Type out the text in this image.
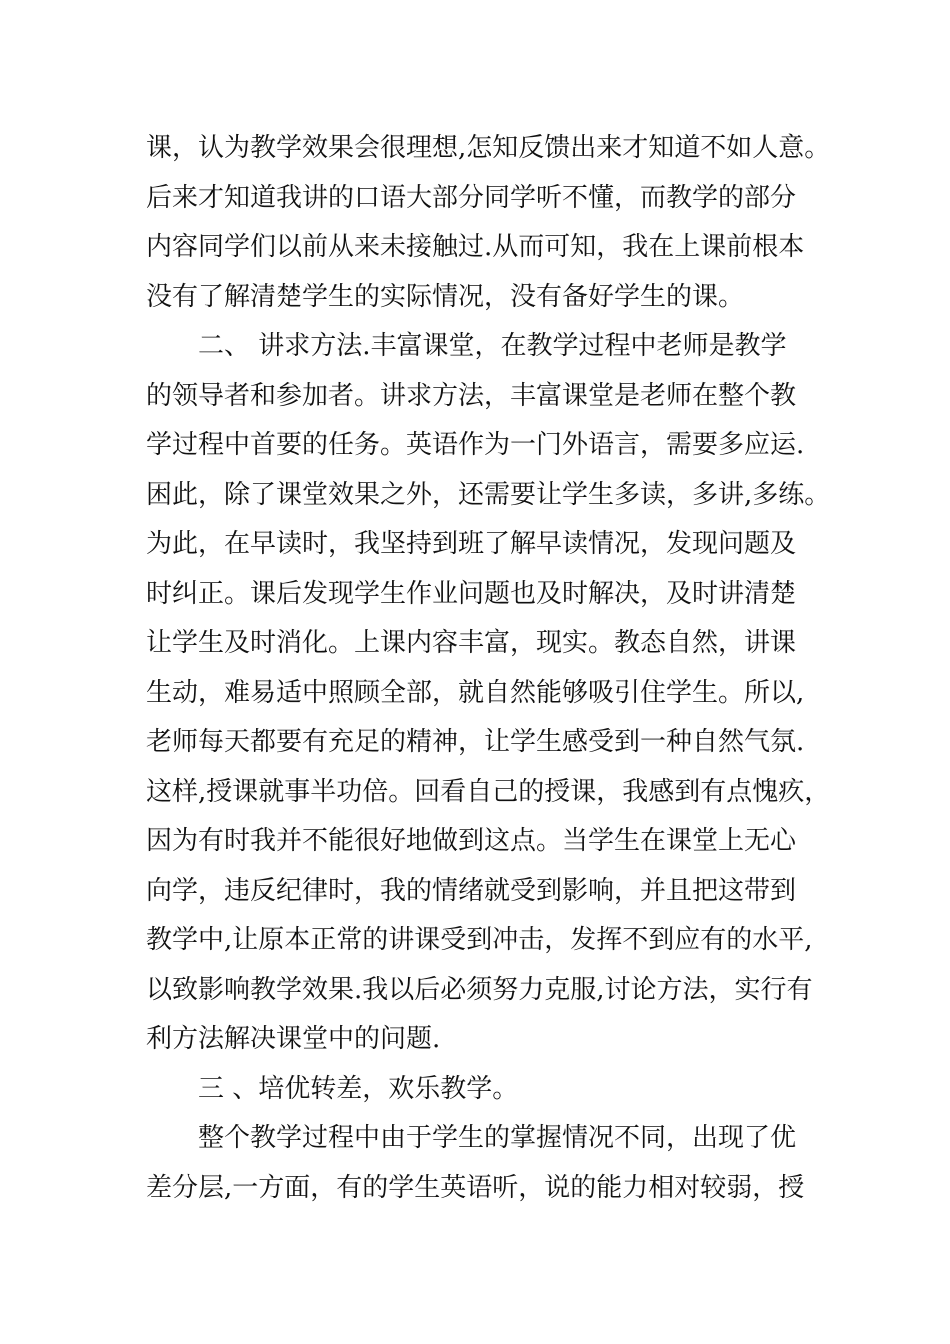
课，认为教学效果会很理想,怎知反馈出来才知道不如人意。
后来才知道我讲的口语大部分同学听不懂，而教学的部分
内容同学们以前从来未接触过.从而可知，我在上课前根本
没有了解清楚学生的实际情况，没有备好学生的课。
二、 讲求方法.丰富课堂，在教学过程中老师是教学
的领导者和参加者。讲求方法，丰富课堂是老师在整个教
学过程中首要的任务。英语作为一门外语言，需要多应运.
困此，除了课堂效果之外，还需要让学生多读，多讲,多练。
为此，在早读时，我坚持到班了解早读情况，发现问题及
时纠正。课后发现学生作业问题也及时解决，及时讲清楚
让学生及时消化。上课内容丰富，现实。教态自然，讲课
生动，难易适中照顾全部，就自然能够吸引住学生。所以,
老师每天都要有充足的精神，让学生感受到一种自然气氛.
这样,授课就事半功倍。回看自己的授课，我感到有点愧疚，
因为有时我并不能很好地做到这点。当学生在课堂上无心
向学，违反纪律时，我的情绪就受到影响，并且把这带到
教学中,让原本正常的讲课受到冲击，发挥不到应有的水平,
以致影响教学效果.我以后必须努力克服,讨论方法，实行有
利方法解决课堂中的问题.
三 、培优转差，欢乐教学。
整个教学过程中由于学生的掌握情况不同，出现了优
差分层,一方面，有的学生英语听，说的能力相对较弱，授
